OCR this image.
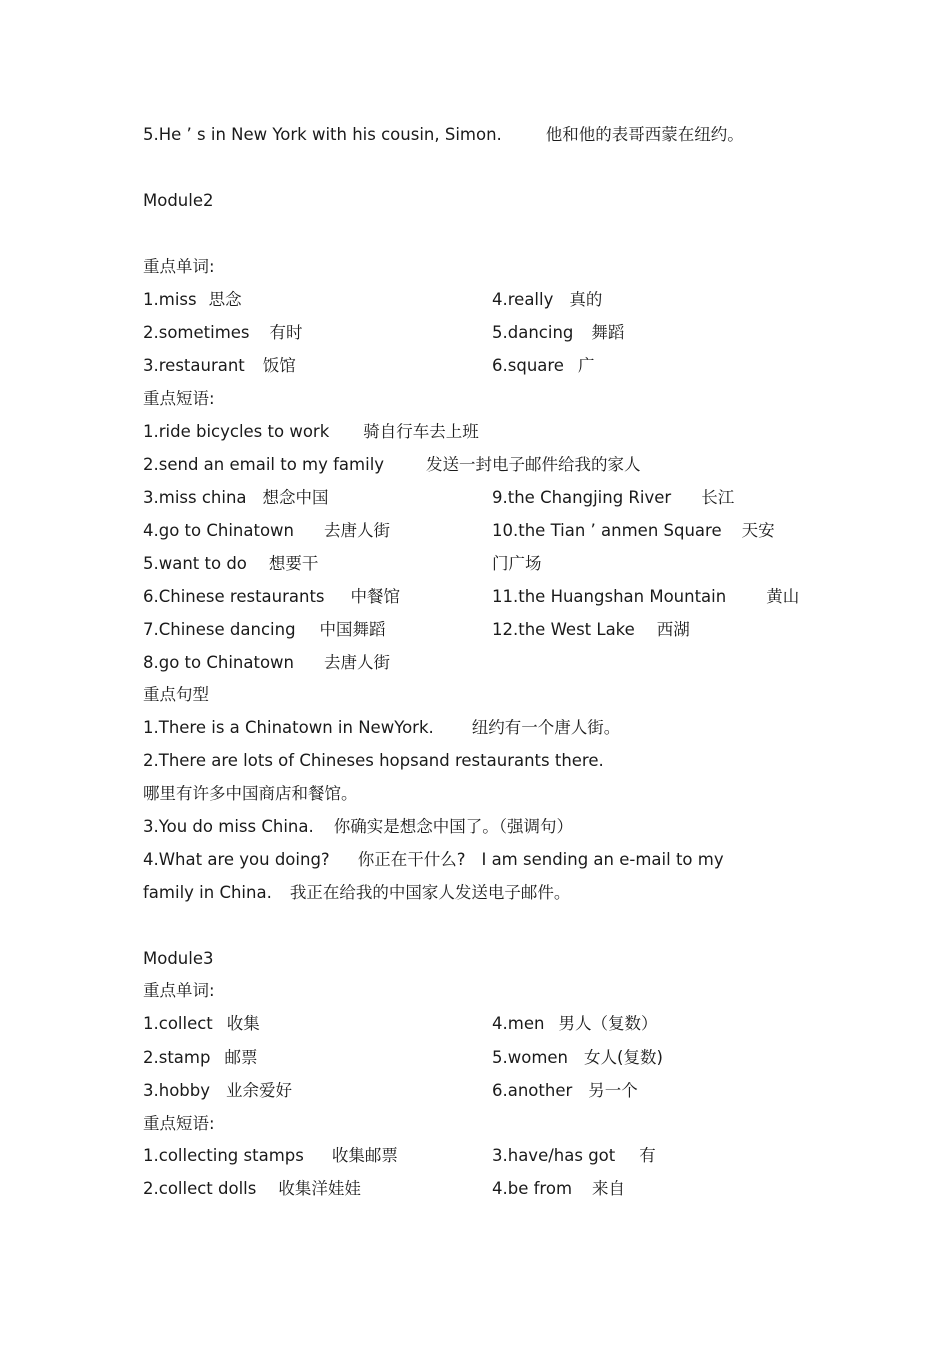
5.He ’ s in New York with his cousin, Simon.	他和他的表哥西蒙在纽约。
Module2
重点单词:
1.miss 思念	4.really 真的
2.sometimes 有时	5.dancing 舞蹈
3.restaurant 饭馆	6.square 广
重点短语:
1.ride bicycles to work 骑自行车去上班
2.send an email to my family	发送一封电子邮件给我的家人
3.miss china 想念中国	9.the Changjing River 长江
4.go to Chinatown 去唐人街	10.the Tian ’ anmen Square 天安
5.want to do 想要干	门广场
6.Chinese restaurants 中餐馆	11.the Huangshan Mountain 黄山
7.Chinese dancing 中国舞蹈	12.the West Lake 西湖
8.go to Chinatown 去唐人街
重点句型
1.There is a Chinatown in NewYork. 纽约有一个唐人街。
2.There are lots of Chineses hopsand restaurants there.
哪里有许多中国商店和餐馆。
3.You do miss China. 你确实是想念中国了。（强调句）
4.What are you doing? 你正在干什么? I am sending an e-mail to my
family in China. 我正在给我的中国家人发送电子邮件。
Module3
重点单词:
1.collect 收集	4.men 男人（复数）
2.stamp 邮票	5.women 女人(复数)
3.hobby 业余爱好	6.another 另一个
重点短语:
1.collecting stamps 收集邮票	3.have/has got 有
2.collect dolls 收集洋娃娃	4.be from 来自
